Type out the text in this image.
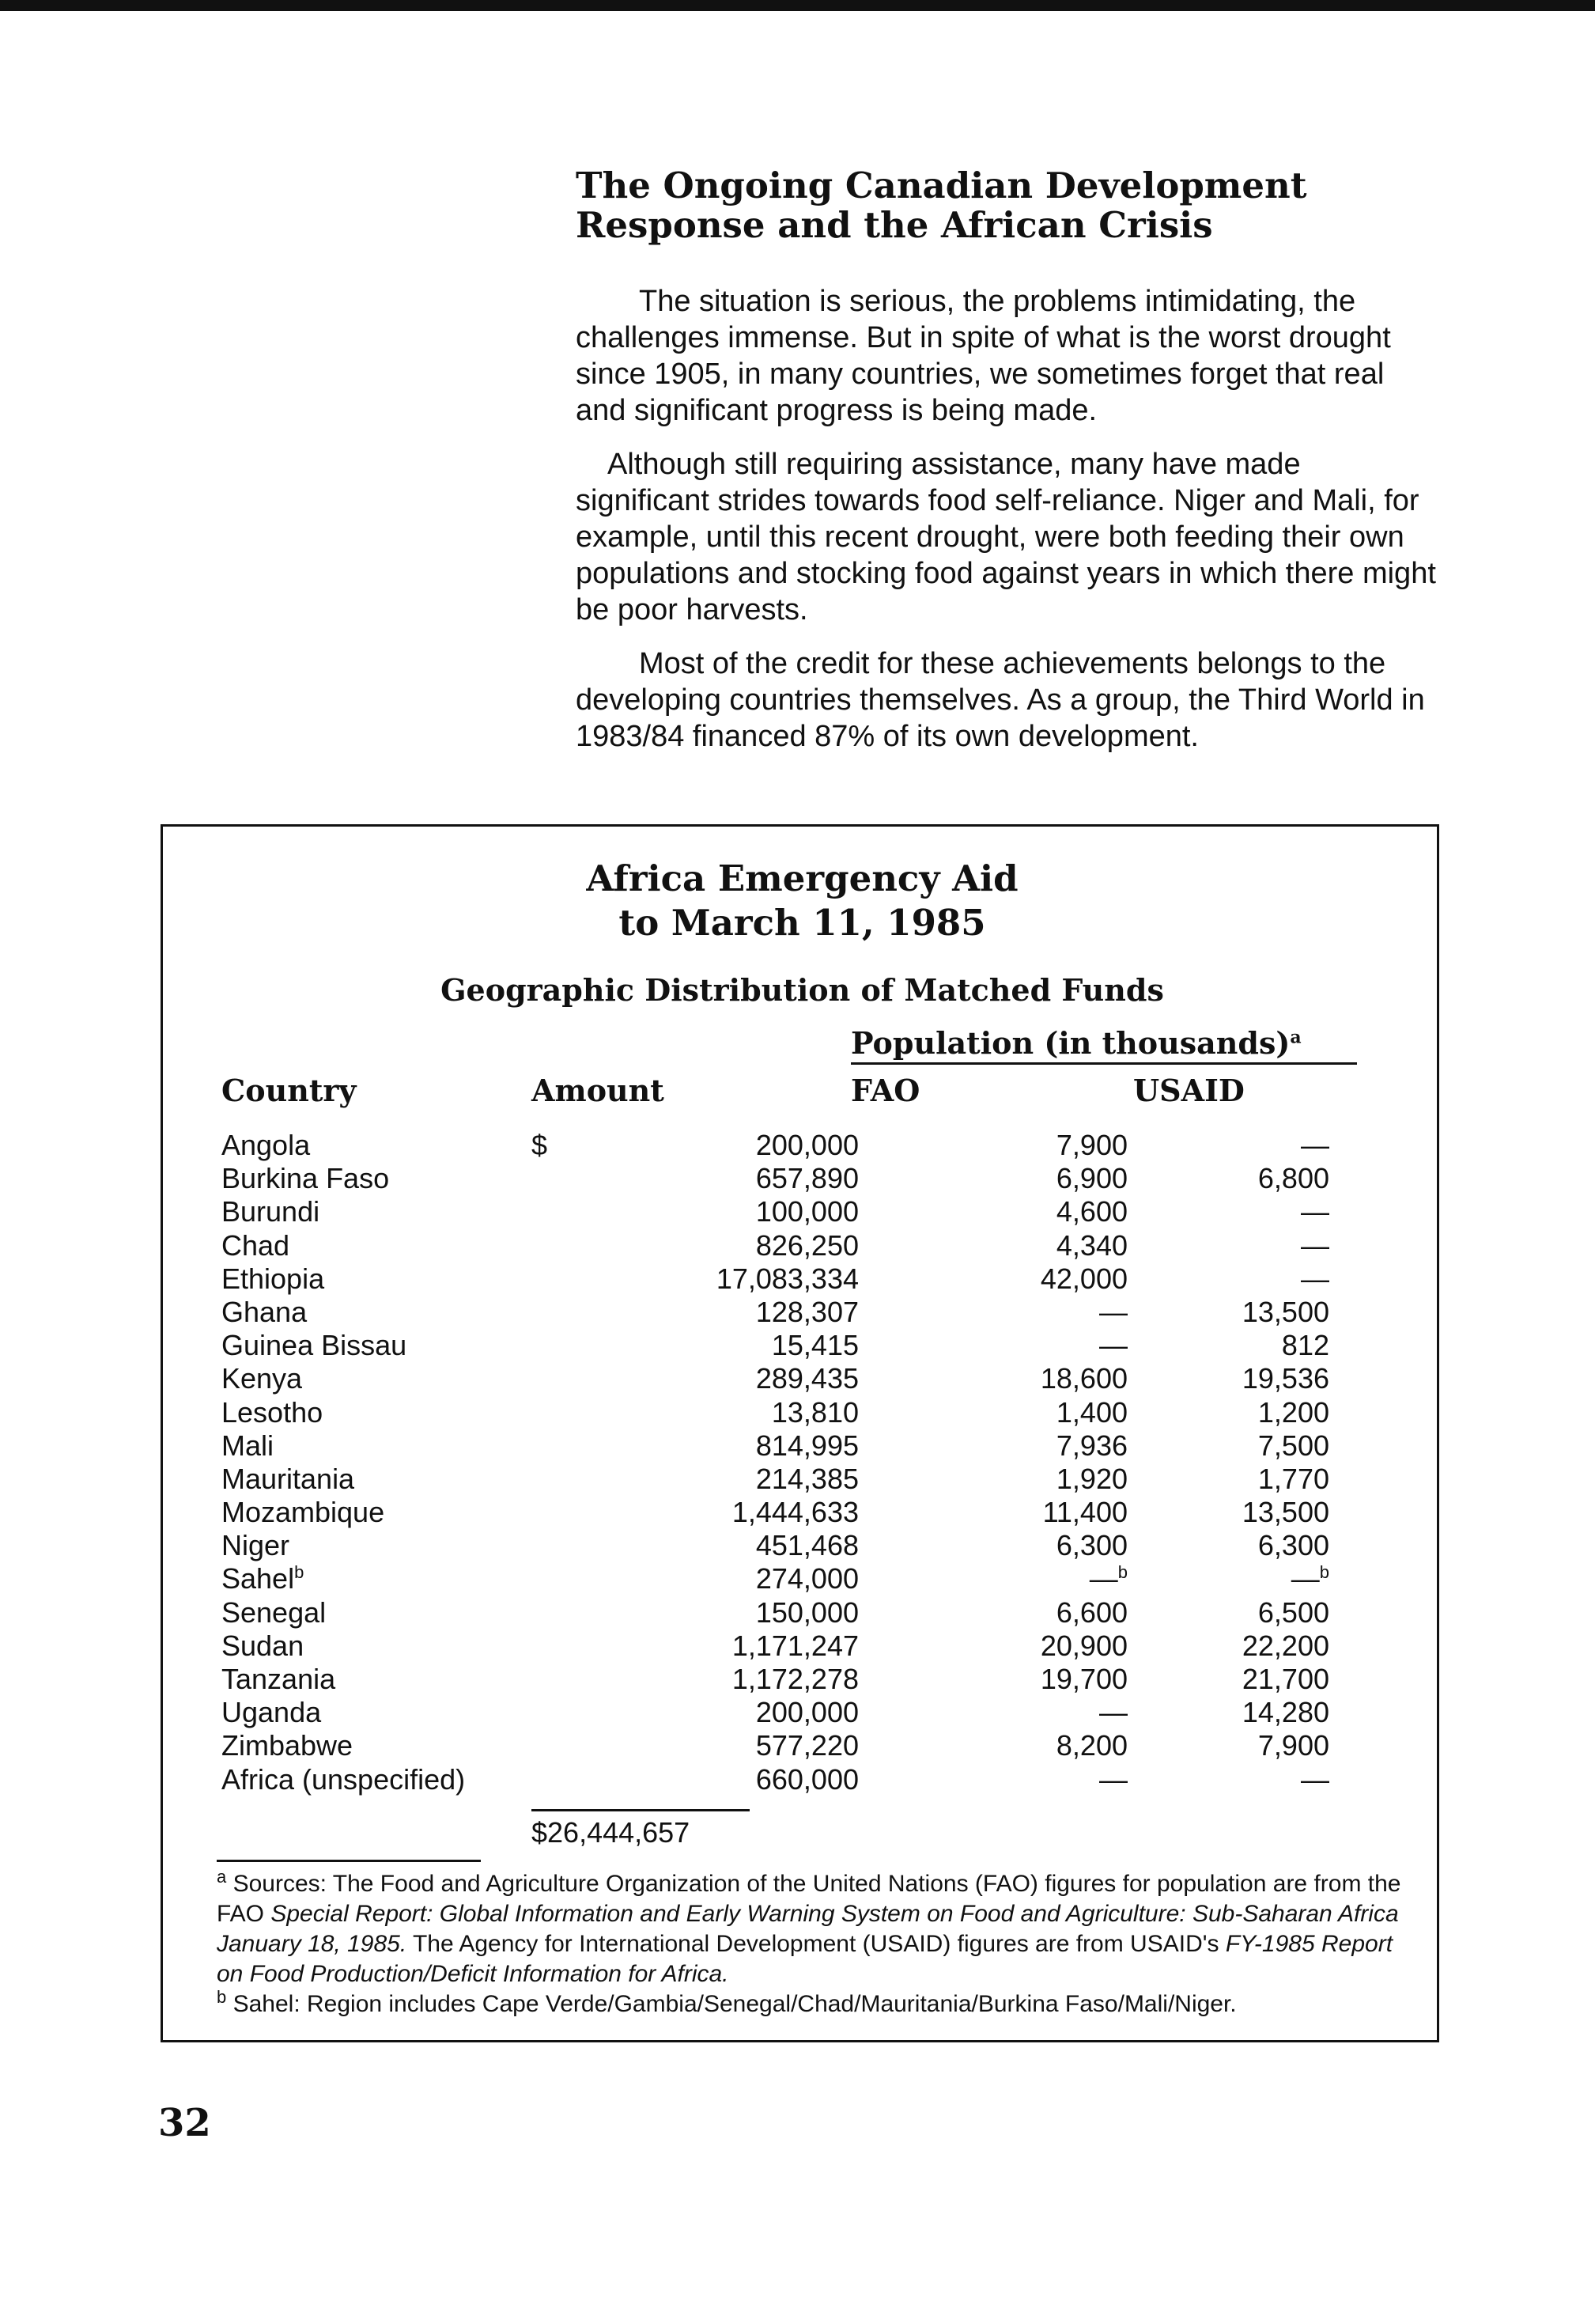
The Ongoing Canadian Development
Response and the African Crisis

The situation is serious, the problems intimidating, the challenges immense. But in spite of what is the worst drought since 1905, in many countries, we sometimes forget that real and significant progress is being made.

Although still requiring assistance, many have made significant strides towards food self-reliance. Niger and Mali, for example, until this recent drought, were both feeding their own populations and stocking food against years in which there might be poor harvests.

Most of the credit for these achievements belongs to the developing countries themselves. As a group, the Third World in 1983/84 financed 87% of its own development.

Africa Emergency Aid
to March 11, 1985
Geographic Distribution of Matched Funds
Population (in thousands)$^a$
Country	Amount	FAO	USAID
Angola	$	200,000	7,900	—
Burkina Faso	657,890	6,900	6,800
Burundi	100,000	4,600	—
Chad	826,250	4,340	—
Ethiopia	17,083,334	42,000	—
Ghana	128,307	—	13,500
Guinea Bissau	15,415	—	812
Kenya	289,435	18,600	19,536
Lesotho	13,810	1,400	1,200
Mali	814,995	7,936	7,500
Mauritania	214,385	1,920	1,770
Mozambique	1,444,633	11,400	13,500
Niger	451,468	6,300	6,300
Sahel$^b$	274,000	—$^b$	—$^b$
Senegal	150,000	6,600	6,500
Sudan	1,171,247	20,900	22,200
Tanzania	1,172,278	19,700	21,700
Uganda	200,000	—	14,280
Zimbabwe	577,220	8,200	7,900
Africa (unspecified)	660,000	—	—
$26,444,657

$^a$ Sources: The Food and Agriculture Organization of the United Nations (FAO) figures for population are from the FAO Special Report: Global Information and Early Warning System on Food and Agriculture: Sub-Saharan Africa January 18, 1985. The Agency for International Development (USAID) figures are from USAID's FY-1985 Report on Food Production/Deficit Information for Africa.

$^b$ Sahel: Region includes Cape Verde/Gambia/Senegal/Chad/Mauritania/Burkina Faso/Mali/Niger.

32
